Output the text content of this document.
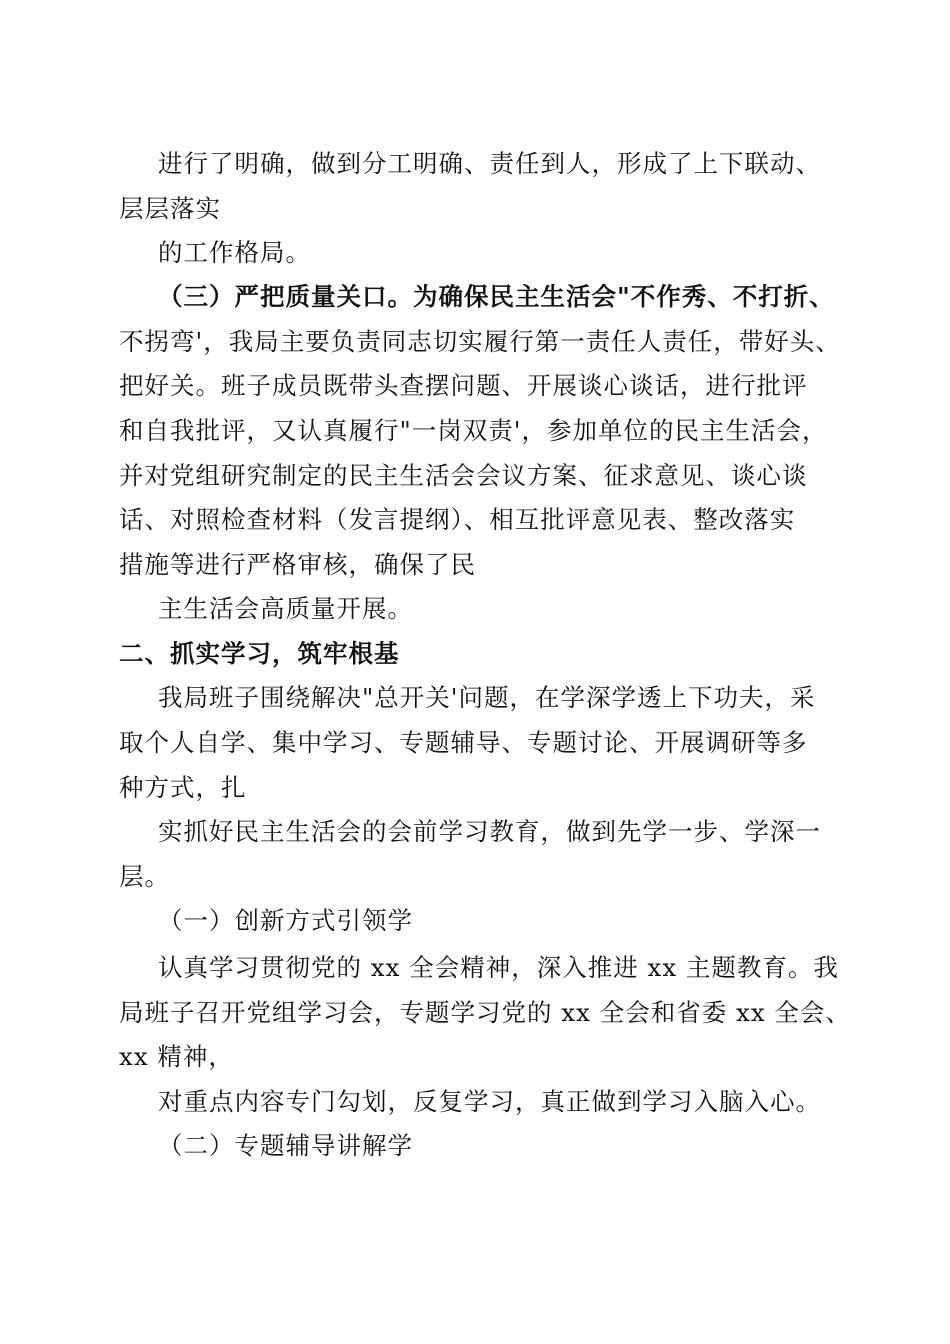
进行了明确，做到分工明确、责任到人，形成了上下联动、
层层落实
的工作格局。
（三）严把质量关口。为确保民主生活会"不作秀、不打折、
不拐弯'，我局主要负责同志切实履行第一责任人责任，带好头、
把好关。班子成员既带头查摆问题、开展谈心谈话，进行批评
和自我批评，又认真履行"一岗双责'，参加单位的民主生活会，
并对党组研究制定的民主生活会会议方案、征求意见、谈心谈
话、对照检查材料（发言提纲）、相互批评意见表、整改落实
措施等进行严格审核，确保了民
主生活会高质量开展。
二、抓实学习，筑牢根基
我局班子围绕解决"总开关'问题，在学深学透上下功夫，采
取个人自学、集中学习、专题辅导、专题讨论、开展调研等多
种方式，扎
实抓好民主生活会的会前学习教育，做到先学一步、学深一
层。
（一）创新方式引领学
认真学习贯彻党的 xx 全会精神，深入推进 xx 主题教育。我
局班子召开党组学习会，专题学习党的 xx 全会和省委 xx 全会、
xx 精神，
对重点内容专门勾划，反复学习，真正做到学习入脑入心。
（二）专题辅导讲解学
